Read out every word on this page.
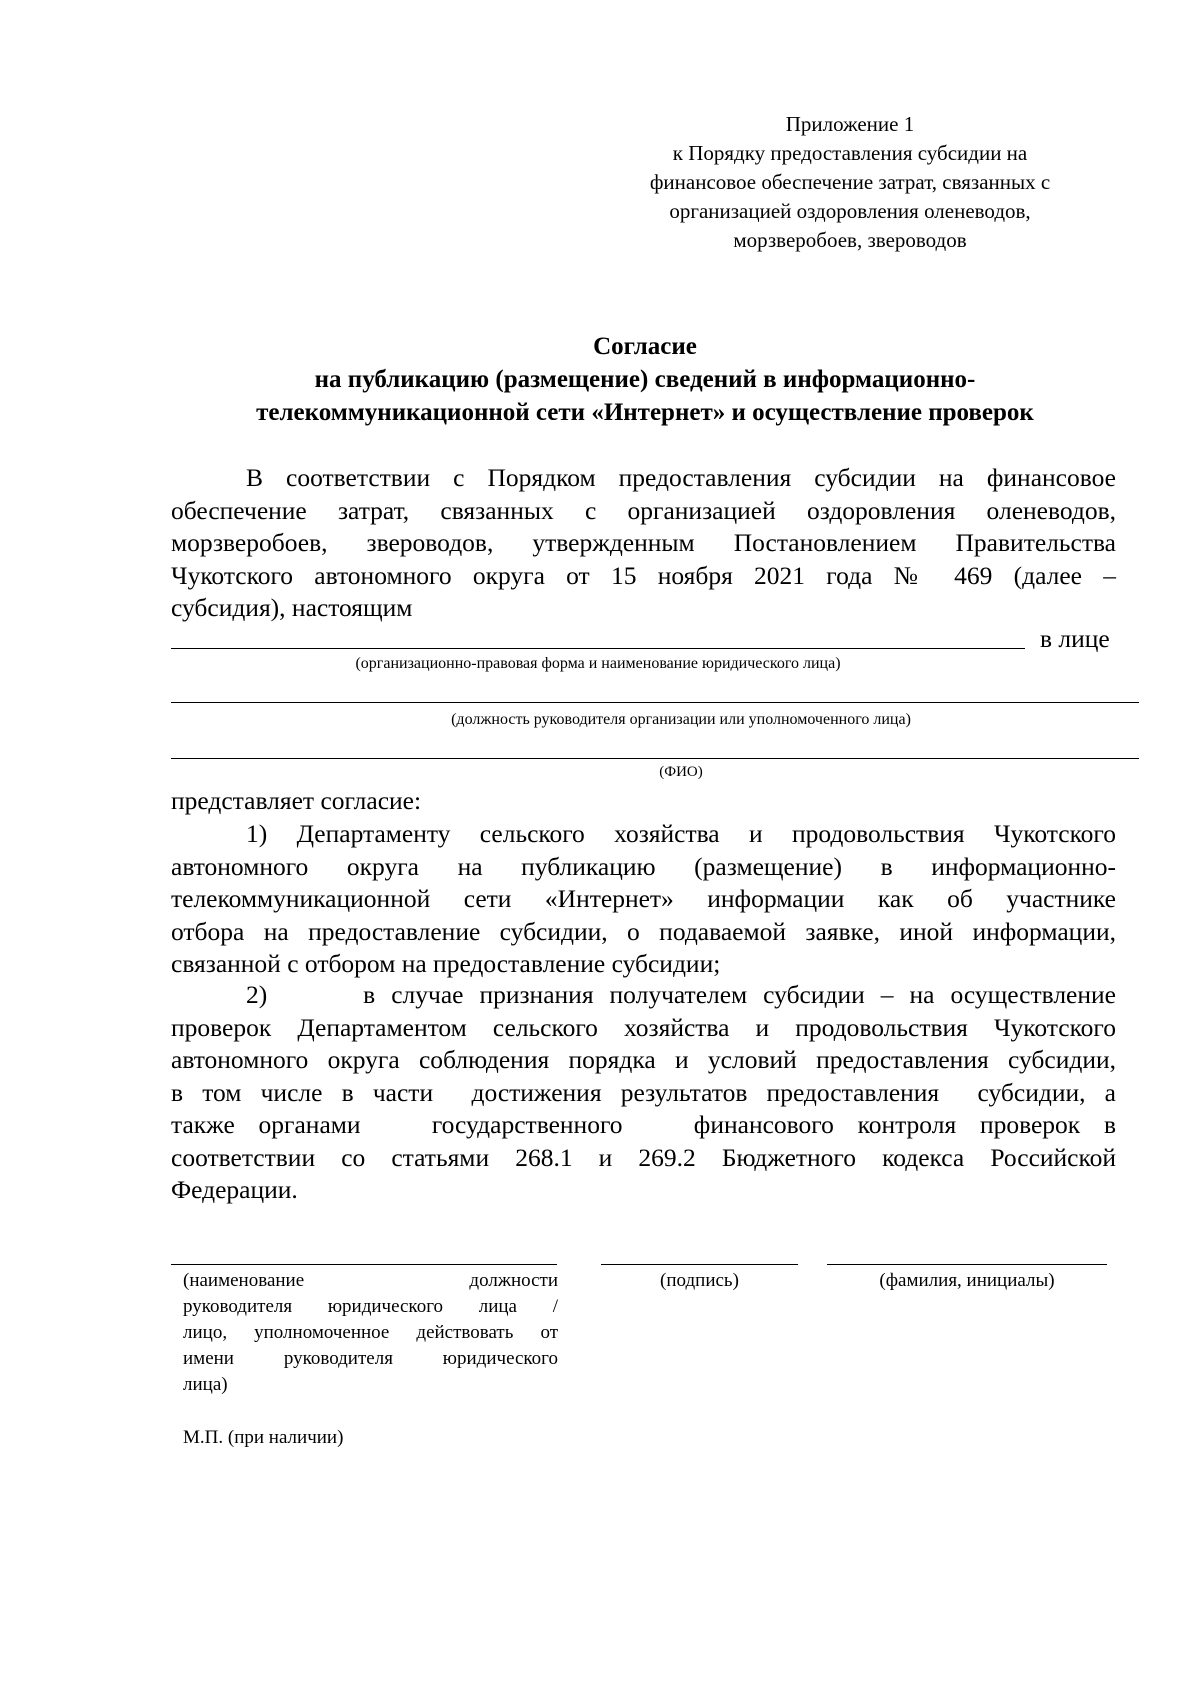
Приложение 1
к Порядку предоставления субсидии на
финансовое обеспечение затрат, связанных с
организацией оздоровления оленеводов,
морзверобоев, звероводов
Согласие
на публикацию (размещение) сведений в информационно-
телекоммуникационной сети «Интернет» и осуществление проверок
В соответствии с Порядком предоставления субсидии на финансовое
обеспечение затрат, связанных с организацией оздоровления оленеводов,
морзверобоев, звероводов, утвержденным Постановлением Правительства
Чукотского автономного округа от 15 ноября 2021 года № 469 (далее –
субсидия), настоящим
в лице
(организационно-правовая форма и наименование юридического лица)
(должность руководителя организации или уполномоченного лица)
(ФИО)
представляет согласие:
1) Департаменту сельского хозяйства и продовольствия Чукотского
автономного округа на публикацию (размещение) в информационно-
телекоммуникационной сети «Интернет» информации как об участнике
отбора на предоставление субсидии, о подаваемой заявке, иной информации,
связанной с отбором на предоставление субсидии;
2)      в случае признания получателем субсидии – на осуществление
проверок Департаментом сельского хозяйства и продовольствия Чукотского
автономного округа соблюдения порядка и условий предоставления субсидии,
в том числе в части  достижения результатов предоставления  субсидии, а
также органами   государственного   финансового контроля проверок в
соответствии со статьями 268.1 и 269.2 Бюджетного кодекса Российской
Федерации.
(наименование должности
руководителя юридического лица /
лицо, уполномоченное действовать от
имени руководителя юридического
лица)
(подпись)	(фамилия, инициалы)
М.П. (при наличии)
